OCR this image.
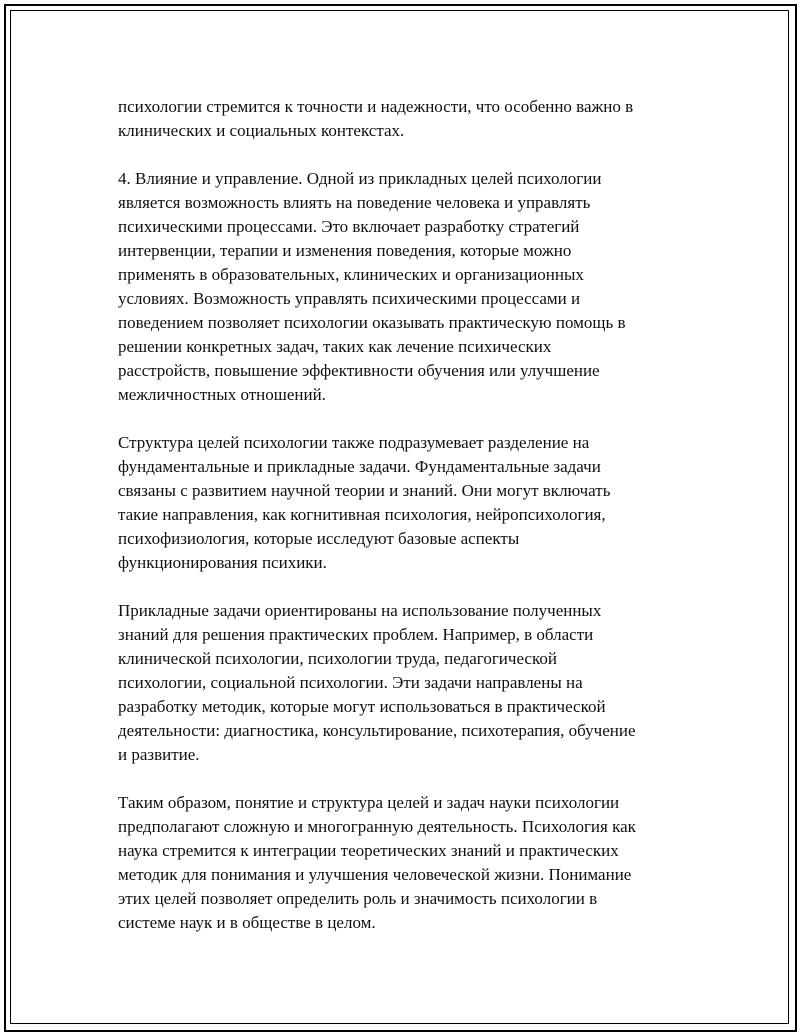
психологии стремится к точности и надежности, что особенно важно в
клинических и социальных контекстах.

4. Влияние и управление. Одной из прикладных целей психологии
является возможность влиять на поведение человека и управлять
психическими процессами. Это включает разработку стратегий
интервенции, терапии и изменения поведения, которые можно
применять в образовательных, клинических и организационных
условиях. Возможность управлять психическими процессами и
поведением позволяет психологии оказывать практическую помощь в
решении конкретных задач, таких как лечение психических
расстройств, повышение эффективности обучения или улучшение
межличностных отношений.

Структура целей психологии также подразумевает разделение на
фундаментальные и прикладные задачи. Фундаментальные задачи
связаны с развитием научной теории и знаний. Они могут включать
такие направления, как когнитивная психология, нейропсихология,
психофизиология, которые исследуют базовые аспекты
функционирования психики.

Прикладные задачи ориентированы на использование полученных
знаний для решения практических проблем. Например, в области
клинической психологии, психологии труда, педагогической
психологии, социальной психологии. Эти задачи направлены на
разработку методик, которые могут использоваться в практической
деятельности: диагностика, консультирование, психотерапия, обучение
и развитие.

Таким образом, понятие и структура целей и задач науки психологии
предполагают сложную и многогранную деятельность. Психология как
наука стремится к интеграции теоретических знаний и практических
методик для понимания и улучшения человеческой жизни. Понимание
этих целей позволяет определить роль и значимость психологии в
системе наук и в обществе в целом.
